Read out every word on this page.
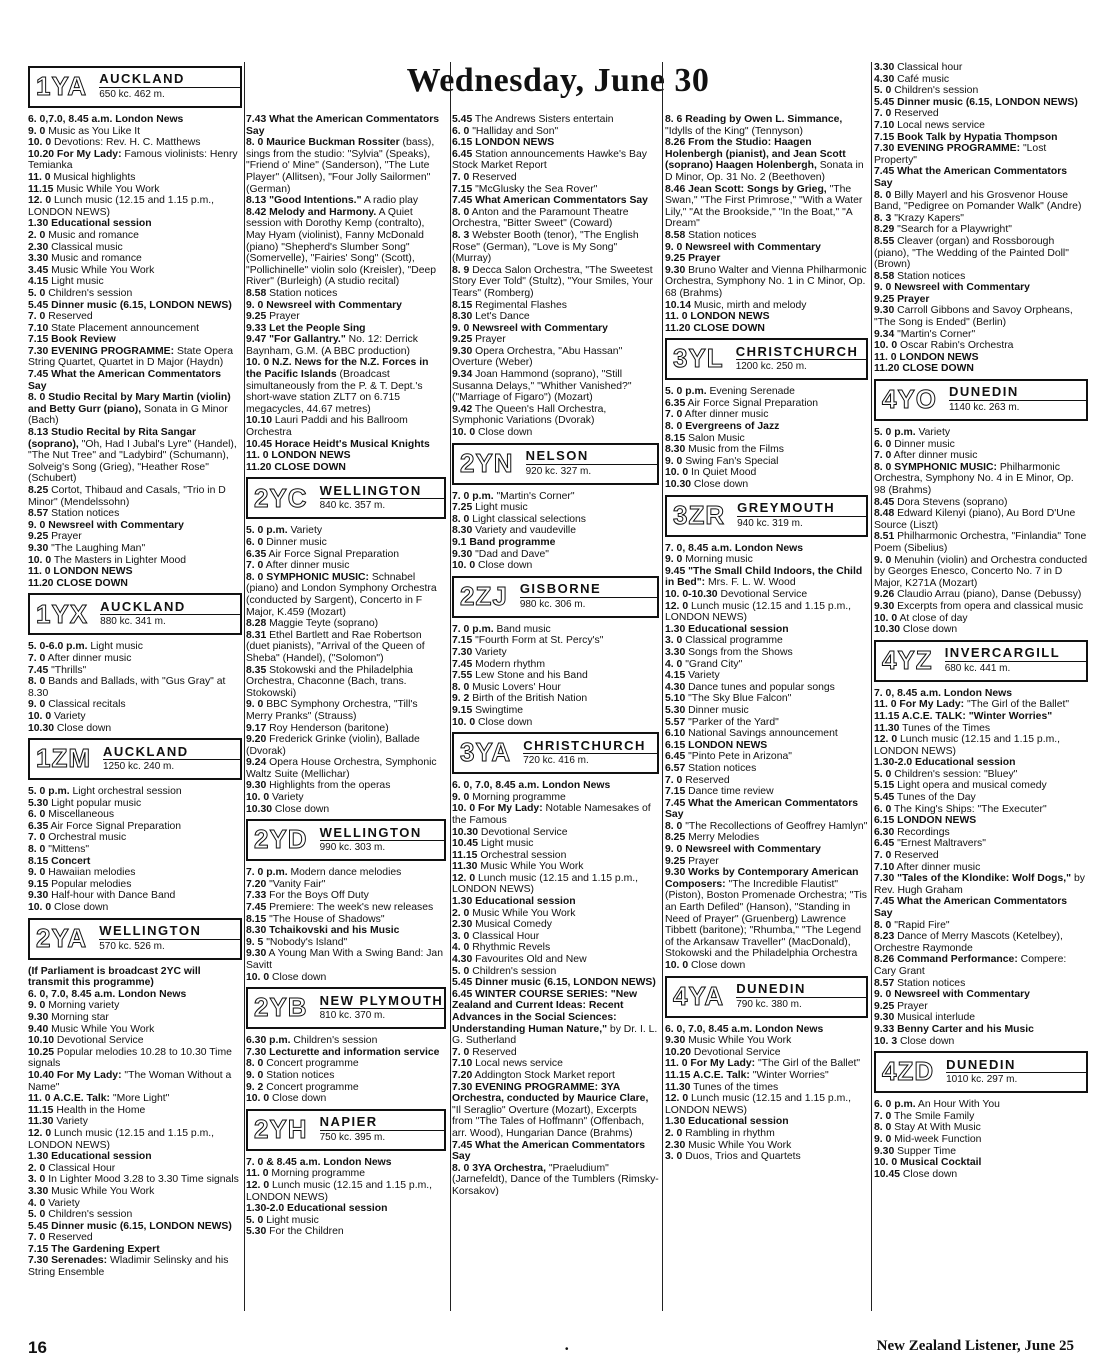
Wednesday, June 30
1YA AUCKLAND
650 kc. 462 m.

6. 0,7.0, 8.45 a.m. London News

9. 0 Music as You Like It

10. 0 Devotions: Rev. H. C. Matthews

10.20 For My Lady: Famous violinists: Henry Temianka

11. 0 Musical highlights

11.15 Music While You Work

12. 0 Lunch music (12.15 and 1.15 p.m., LONDON NEWS)

1.30 Educational session

2. 0 Music and romance

2.30 Classical music

3.30 Music and romance

3.45 Music While You Work

4.15 Light music

5. 0 Children's session

5.45 Dinner music (6.15, LONDON NEWS)

7. 0 Reserved

7.10 State Placement announcement

7.15 Book Review

7.30 EVENING PROGRAMME: State Opera String Quartet, Quartet in D Major (Haydn)

7.45 What the American Commentators Say

8. 0 Studio Recital by Mary Martin (violin) and Betty Gurr (piano), Sonata in G Minor (Bach)

8.13 Studio Recital by Rita Sangar (soprano), "Oh, Had I Jubal's Lyre" (Handel), "The Nut Tree" and "Ladybird" (Schumann), Solveig's Song (Grieg), "Heather Rose" (Schubert)

8.25 Cortot, Thibaud and Casals, "Trio in D Minor" (Mendelssohn)

8.57 Station notices

9. 0 Newsreel with Commentary

9.25 Prayer

9.30 "The Laughing Man"

10. 0 The Masters in Lighter Mood

11. 0 LONDON NEWS

11.20 CLOSE DOWN

1YX AUCKLAND
880 kc. 341 m.

5. 0-6.0 p.m. Light music

7. 0 After dinner music

7.45 "Thrills"

8. 0 Bands and Ballads, with "Gus Gray" at 8.30

9. 0 Classical recitals

10. 0 Variety

10.30 Close down

1ZM AUCKLAND
1250 kc. 240 m.

5. 0 p.m. Light orchestral session

5.30 Light popular music

6. 0 Miscellaneous

6.35 Air Force Signal Preparation

7. 0 Orchestral music

8. 0 "Mittens"

8.15 Concert

9. 0 Hawaiian melodies

9.15 Popular melodies

9.30 Half-hour with Dance Band

10. 0 Close down

2YA WELLINGTON
570 kc. 526 m.

(If Parliament is broadcast 2YC will transmit this programme)

6. 0, 7.0, 8.45 a.m. London News

9. 0 Morning variety

9.30 Morning star

9.40 Music While You Work

10.10 Devotional Service

10.25 Popular melodies 10.28 to 10.30 Time signals

10.40 For My Lady: "The Woman Without a Name"

11. 0 A.C.E. Talk: "More Light"

11.15 Health in the Home

11.30 Variety

12. 0 Lunch music (12.15 and 1.15 p.m., LONDON NEWS)

1.30 Educational session

2. 0 Classical Hour

3. 0 In Lighter Mood 3.28 to 3.30 Time signals

3.30 Music While You Work

4. 0 Variety

5. 0 Children's session

5.45 Dinner music (6.15, LONDON NEWS)

7. 0 Reserved

7.15 The Gardening Expert

7.30 Serenades: Wladimir Selinsky and his String Ensemble

7.43 What the American Commentators Say

8. 0 Maurice Buckman Rossiter (bass), sings from the studio: "Sylvia" (Speaks), "Friend o' Mine" (Sanderson), "The Lute Player" (Allitsen), "Four Jolly Sailormen" (German)

8.13 "Good Intentions." A radio play

8.42 Melody and Harmony. A Quiet session with Dorothy Kemp (contralto), May Hyam (violinist), Fanny McDonald (piano) "Shepherd's Slumber Song" (Somervelle), "Fairies' Song" (Scott), "Pollichinelle" violin solo (Kreisler), "Deep River" (Burleigh) (A studio recital)

8.58 Station notices

9. 0 Newsreel with Commentary

9.25 Prayer

9.33 Let the People Sing

9.47 "For Gallantry." No. 12: Derrick Baynham, G.M. (A BBC production)

10. 0 N.Z. News for the N.Z. Forces in the Pacific Islands (Broadcast simultaneously from the P. & T. Dept.'s short-wave station ZLT7 on 6.715 megacycles, 44.67 metres)

10.10 Lauri Paddi and his Ballroom Orchestra

10.45 Horace Heidt's Musical Knights

11. 0 LONDON NEWS

11.20 CLOSE DOWN

2YC WELLINGTON
840 kc. 357 m.

5. 0 p.m. Variety

6. 0 Dinner music

6.35 Air Force Signal Preparation

7. 0 After dinner music

8. 0 SYMPHONIC MUSIC: Schnabel (piano) and London Symphony Orchestra (conducted by Sargent), Concerto in F Major, K.459 (Mozart)

8.28 Maggie Teyte (soprano)

8.31 Ethel Bartlett and Rae Robertson (duet pianists), "Arrival of the Queen of Sheba" (Handel), ("Solomon")

8.35 Stokowski and the Philadelphia Orchestra, Chaconne (Bach, trans. Stokowski)

9. 0 BBC Symphony Orchestra, "Till's Merry Pranks" (Strauss)

9.17 Roy Henderson (baritone)

9.20 Frederick Grinke (violin), Ballade (Dvorak)

9.24 Opera House Orchestra, Symphonic Waltz Suite (Mellichar)

9.30 Highlights from the operas

10. 0 Variety

10.30 Close down

2YD WELLINGTON
990 kc. 303 m.

7. 0 p.m. Modern dance melodies

7.20 "Vanity Fair"

7.33 For the Boys Off Duty

7.45 Premiere: The week's new releases

8.15 "The House of Shadows"

8.30 Tchaikovski and his Music

9. 5 "Nobody's Island"

9.30 A Young Man With a Swing Band: Jan Savitt

10. 0 Close down

2YB NEW PLYMOUTH
810 kc. 370 m.

6.30 p.m. Children's session

7.30 Lecturette and information service

8. 0 Concert programme

9. 0 Station notices

9. 2 Concert programme

10. 0 Close down

2YH NAPIER
750 kc. 395 m.

7. 0 & 8.45 a.m. London News

11. 0 Morning programme

12. 0 Lunch music (12.15 and 1.15 p.m., LONDON NEWS)

1.30-2.0 Educational session

5. 0 Light music

5.30 For the Children

5.45 The Andrews Sisters entertain

6. 0 "Halliday and Son"

6.15 LONDON NEWS

6.45 Station announcements Hawke's Bay Stock Market Report

7. 0 Reserved

7.15 "McGlusky the Sea Rover"

7.45 What American Commentators Say

8. 0 Anton and the Paramount Theatre Orchestra, "Bitter Sweet" (Coward)

8. 3 Webster Booth (tenor), "The English Rose" (German), "Love is My Song" (Murray)

8. 9 Decca Salon Orchestra, "The Sweetest Story Ever Told" (Stultz), "Your Smiles, Your Tears" (Romberg)

8.15 Regimental Flashes

8.30 Let's Dance

9. 0 Newsreel with Commentary

9.25 Prayer

9.30 Opera Orchestra, "Abu Hassan" Overture (Weber)

9.34 Joan Hammond (soprano), "Still Susanna Delays," "Whither Vanished?" ("Marriage of Figaro") (Mozart)

9.42 The Queen's Hall Orchestra, Symphonic Variations (Dvorak)

10. 0 Close down

2YN NELSON
920 kc. 327 m.

7. 0 p.m. "Martin's Corner"

7.25 Light music

8. 0 Light classical selections

8.30 Variety and vaudeville

9.1 Band programme

9.30 "Dad and Dave"

10. 0 Close down

2ZJ GISBORNE
980 kc. 306 m.

7. 0 p.m. Band music

7.15 "Fourth Form at St. Percy's"

7.30 Variety

7.45 Modern rhythm

7.55 Lew Stone and his Band

8. 0 Music Lovers' Hour

9. 2 Birth of the British Nation

9.15 Swingtime

10. 0 Close down

3YA CHRISTCHURCH
720 kc. 416 m.

6. 0, 7.0, 8.45 a.m. London News

9. 0 Morning programme

10. 0 For My Lady: Notable Namesakes of the Famous

10.30 Devotional Service

10.45 Light music

11.15 Orchestral session

11.30 Music While You Work

12. 0 Lunch music (12.15 and 1.15 p.m., LONDON NEWS)

1.30 Educational session

2. 0 Music While You Work

2.30 Musical Comedy

3. 0 Classical Hour

4. 0 Rhythmic Revels

4.30 Favourites Old and New

5. 0 Children's session

5.45 Dinner music (6.15, LONDON NEWS)

6.45 WINTER COURSE SERIES: "New Zealand and Current Ideas: Recent Advances in the Social Sciences: Understanding Human Nature," by Dr. I. L. G. Sutherland

7. 0 Reserved

7.10 Local news service

7.20 Addington Stock Market report

7.30 EVENING PROGRAMME: 3YA Orchestra, conducted by Maurice Clare, "Il Seraglio" Overture (Mozart), Excerpts from "The Tales of Hoffmann" (Offenbach, arr. Wood), Hungarian Dance (Brahms)

7.45 What the American Commentators Say

8. 0 3YA Orchestra, "Praeludium" (Jarnefeldt), Dance of the Tumblers (Rimsky-Korsakov)

8. 6 Reading by Owen L. Simmance, "Idylls of the King" (Tennyson)

8.26 From the Studio: Haagen Holenbergh (pianist), and Jean Scott (soprano) Haagen Holenbergh, Sonata in D Minor, Op. 31 No. 2 (Beethoven)

8.46 Jean Scott: Songs by Grieg, "The Swan," "The First Primrose," "With a Water Lily," "At the Brookside," "In the Boat," "A Dream"

8.58 Station notices

9. 0 Newsreel with Commentary

9.25 Prayer

9.30 Bruno Walter and Vienna Philharmonic Orchestra, Symphony No. 1 in C Minor, Op. 68 (Brahms)

10.14 Music, mirth and melody

11. 0 LONDON NEWS

11.20 CLOSE DOWN

3YL CHRISTCHURCH
1200 kc. 250 m.

5. 0 p.m. Evening Serenade

6.35 Air Force Signal Preparation

7. 0 After dinner music

8. 0 Evergreens of Jazz

8.15 Salon Music

8.30 Music from the Films

9. 0 Swing Fan's Special

10. 0 In Quiet Mood

10.30 Close down

3ZR GREYMOUTH
940 kc. 319 m.

7. 0, 8.45 a.m. London News

9. 0 Morning music

9.45 "The Small Child Indoors, the Child in Bed": Mrs. F. L. W. Wood

10. 0-10.30 Devotional Service

12. 0 Lunch music (12.15 and 1.15 p.m., LONDON NEWS)

1.30 Educational session

3. 0 Classical programme

3.30 Songs from the Shows

4. 0 "Grand City"

4.15 Variety

4.30 Dance tunes and popular songs

5.10 "The Sky Blue Falcon"

5.30 Dinner music

5.57 "Parker of the Yard"

6.10 National Savings announcement

6.15 LONDON NEWS

6.45 "Pinto Pete in Arizona"

6.57 Station notices

7. 0 Reserved

7.15 Dance time review

7.45 What the American Commentators Say

8. 0 "The Recollections of Geoffrey Hamlyn"

8.25 Merry Melodies

9. 0 Newsreel with Commentary

9.25 Prayer

9.30 Works by Contemporary American Composers: "The Incredible Flautist" (Piston), Boston Promenade Orchestra; "Tis an Earth Defiled" (Hanson), "Standing in Need of Prayer" (Gruenberg) Lawrence Tibbett (baritone); "Rhumba," "The Legend of the Arkansaw Traveller" (MacDonald), Stokowski and the Philadelphia Orchestra

10. 0 Close down

4YA DUNEDIN
790 kc. 380 m.

6. 0, 7.0, 8.45 a.m. London News

9.30 Music While You Work

10.20 Devotional Service

11. 0 For My Lady: "The Girl of the Ballet"

11.15 A.C.E. Talk: "Winter Worries"

11.30 Tunes of the times

12. 0 Lunch music (12.15 and 1.15 p.m., LONDON NEWS)

1.30 Educational session

2. 0 Rambling in rhythm

2.30 Music While You Work

3. 0 Duos, Trios and Quartets

3.30 Classical hour

4.30 Café music

5. 0 Children's session

5.45 Dinner music (6.15, LONDON NEWS)

7. 0 Reserved

7.10 Local news service

7.15 Book Talk by Hypatia Thompson

7.30 EVENING PROGRAMME: "Lost Property"

7.45 What the American Commentators Say

8. 0 Billy Mayerl and his Grosvenor House Band, "Pedigree on Pomander Walk" (Andre)

8. 3 "Krazy Kapers"

8.29 "Search for a Playwright"

8.55 Cleaver (organ) and Rossborough (piano), "The Wedding of the Painted Doll" (Brown)

8.58 Station notices

9. 0 Newsreel with Commentary

9.25 Prayer

9.30 Carroll Gibbons and Savoy Orpheans, "The Song is Ended" (Berlin)

9.34 "Martin's Corner"

10. 0 Oscar Rabin's Orchestra

11. 0 LONDON NEWS

11.20 CLOSE DOWN

4YO DUNEDIN
1140 kc. 263 m.

5. 0 p.m. Variety

6. 0 Dinner music

7. 0 After dinner music

8. 0 SYMPHONIC MUSIC: Philharmonic Orchestra, Symphony No. 4 in E Minor, Op. 98 (Brahms)

8.45 Dora Stevens (soprano)

8.48 Edward Kilenyi (piano), Au Bord D'Une Source (Liszt)

8.51 Philharmonic Orchestra, "Finlandia" Tone Poem (Sibelius)

9. 0 Menuhin (violin) and Orchestra conducted by Georges Enesco, Concerto No. 7 in D Major, K271A (Mozart)

9.26 Claudio Arrau (piano), Danse (Debussy)

9.30 Excerpts from opera and classical music

10. 0 At close of day

10.30 Close down

4YZ INVERCARGILL
680 kc. 441 m.

7. 0, 8.45 a.m. London News

11. 0 For My Lady: "The Girl of the Ballet"

11.15 A.C.E. TALK: "Winter Worries"

11.30 Tunes of the Times

12. 0 Lunch music (12.15 and 1.15 p.m., LONDON NEWS)

1.30-2.0 Educational session

5. 0 Children's session: "Bluey"

5.15 Light opera and musical comedy

5.45 Tunes of the Day

6. 0 The King's Ships: "The Executer"

6.15 LONDON NEWS

6.30 Recordings

6.45 "Ernest Maltravers"

7. 0 Reserved

7.10 After dinner music

7.30 "Tales of the Klondike: Wolf Dogs," by Rev. Hugh Graham

7.45 What the American Commentators Say

8. 0 "Rapid Fire"

8.23 Dance of Merry Mascots (Ketelbey), Orchestre Raymonde

8.26 Command Performance: Compere: Cary Grant

8.57 Station notices

9. 0 Newsreel with Commentary

9.25 Prayer

9.30 Musical interlude

9.33 Benny Carter and his Music

10. 3 Close down

4ZD DUNEDIN
1010 kc. 297 m.

6. 0 p.m. An Hour With You

7. 0 The Smile Family

8. 0 Stay At With Music

9. 0 Mid-week Function

9.30 Supper Time

10. 0 Musical Cocktail

10.45 Close down

16	•	New Zealand Listener, June 25
